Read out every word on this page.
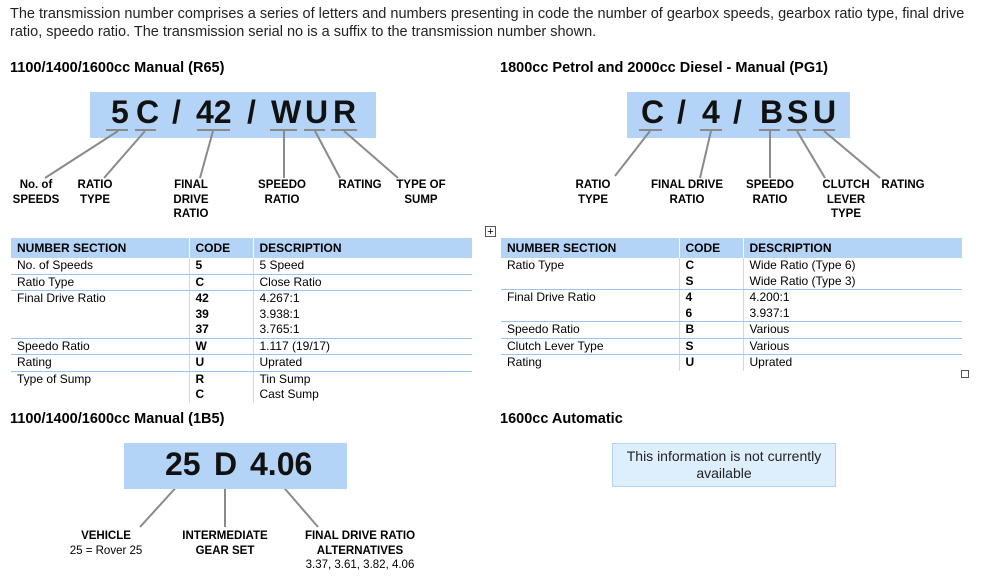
The transmission number comprises a series of letters and numbers presenting in code the number of gearbox speeds, gearbox ratio type, final drive ratio, speedo ratio. The transmission serial no is a suffix to the transmission number shown.
1100/1400/1600cc Manual (R65)
5 C / 42 / W U R
No. of
SPEEDS
RATIO
TYPE
FINAL
DRIVE
RATIO
SPEEDO
RATIO
RATING	TYPE OF
SUMP
1800cc Petrol and 2000cc Diesel - Manual (PG1)
C / 4 / B S U
RATIO
TYPE
FINAL DRIVE
RATIO
SPEEDO
RATIO
CLUTCH
LEVER
TYPE
RATING
NUMBER SECTION	CODE	DESCRIPTION
No. of Speeds	5	5 Speed
Ratio Type	C	Close Ratio
Final Drive Ratio	42	4.267:1
	39	3.938:1
	37	3.765:1
Speedo Ratio	W	1.117 (19/17)
Rating	U	Uprated
Type of Sump	R	Tin Sump
	C	Cast Sump
+
NUMBER SECTION	CODE	DESCRIPTION
Ratio Type	C	Wide Ratio (Type 6)
	S	Wide Ratio (Type 3)
Final Drive Ratio	4	4.200:1
	6	3.937:1
Speedo Ratio	B	Various
Clutch Lever Type	S	Various
Rating	U	Uprated
1100/1400/1600cc Manual (1B5)
25 D 4.06
VEHICLE
25 = Rover 25
INTERMEDIATE
GEAR SET
FINAL DRIVE RATIO
ALTERNATIVES
3.37, 3.61, 3.82, 4.06
1600cc Automatic
This information is not currently available
